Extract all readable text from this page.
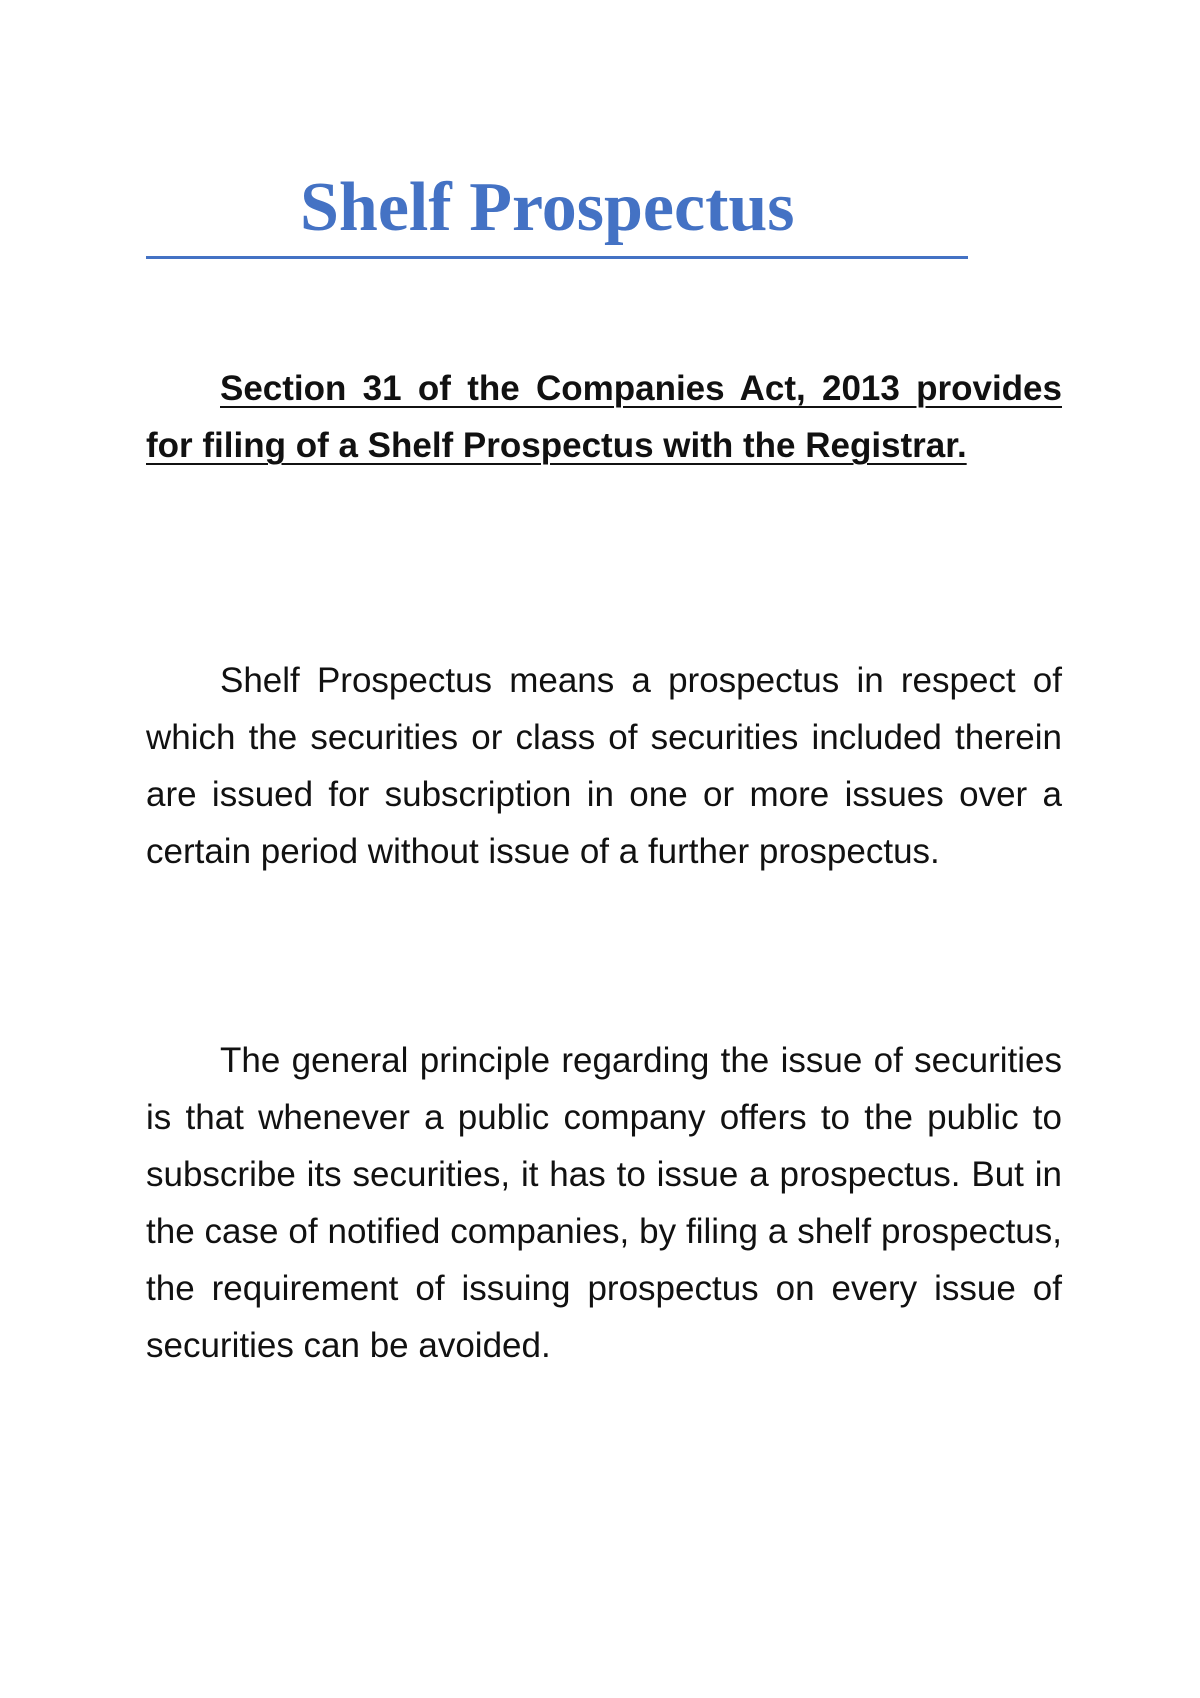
Shelf Prospectus

Section 31 of the Companies Act, 2013 provides for filing of a Shelf Prospectus with the Registrar.

Shelf Prospectus means a prospectus in respect of which the securities or class of securities included therein are issued for subscription in one or more issues over a certain period without issue of a further prospectus.

The general principle regarding the issue of securities is that whenever a public company offers to the public to subscribe its securities, it has to issue a prospectus. But in the case of notified companies, by filing a shelf prospectus, the requirement of issuing prospectus on every issue of securities can be avoided.
